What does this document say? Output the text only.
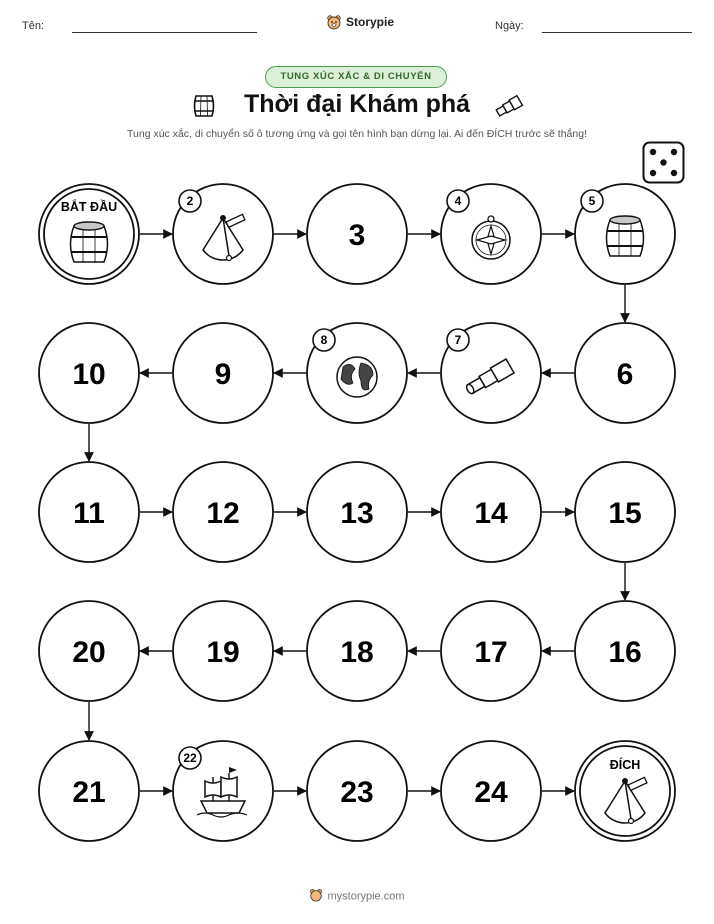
Tên:	Storypie	Ngày:
TUNG XÚC XẮC & DI CHUYỂN
Thời đại Khám phá
Tung xúc xắc, di chuyển số ô tương ứng và gọi tên hình bạn dừng lại. Ai đến ĐÍCH trước sẽ thắng!
BẮT ĐẦU	2
3
4	5
6
7
8
9
10
11	12	13	14	15
16
17
18
19
20
21
22
23	24
ĐÍCH
mystorypie.com
